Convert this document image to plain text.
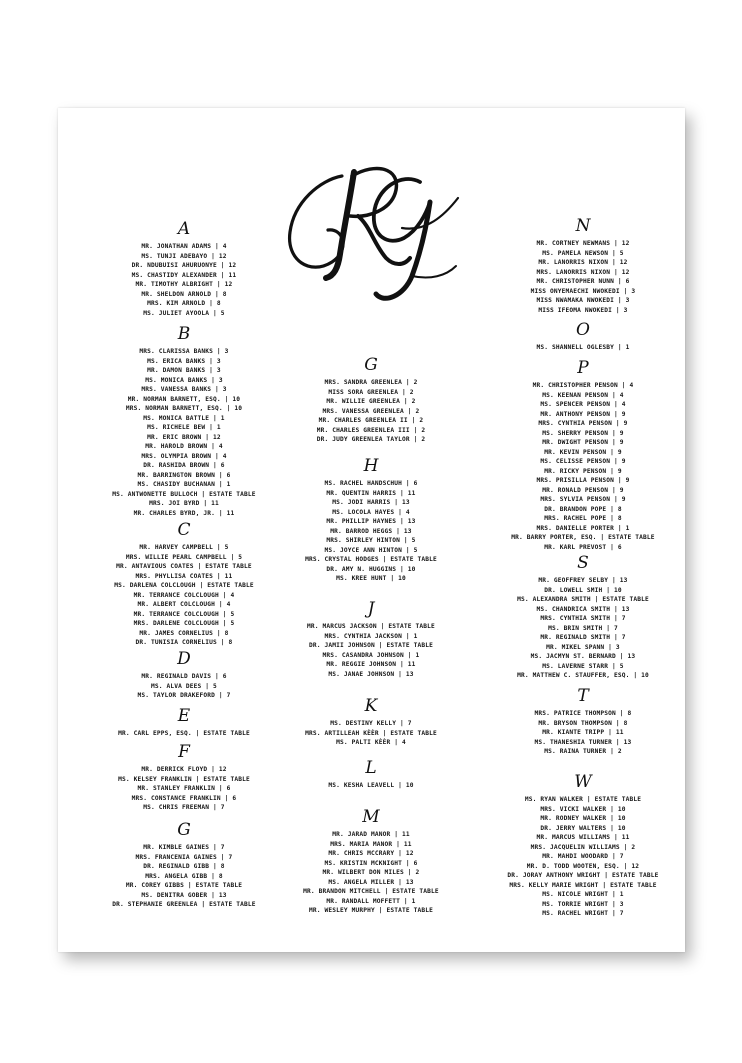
A
MR. JONATHAN ADAMS | 4
MS. TUNJI ADEBAYO | 12
DR. NDUBUISI AHURUONYE | 12
MS. CHASTIDY ALEXANDER | 11
MR. TIMOTHY ALBRIGHT | 12
MR. SHELDON ARNOLD | 8
MRS. KIM ARNOLD | 8
MS. JULIET AYOOLA | 5
B
MRS. CLARISSA BANKS | 3
MS. ERICA BANKS | 3
MR. DAMON BANKS | 3
MS. MONICA BANKS | 3
MRS. VANESSA BANKS | 3
MR. NORMAN BARNETT, ESQ. | 10
MRS. NORMAN BARNETT, ESQ. | 10
MS. MONICA BATTLE | 1
MS. RICHELE BEW | 1
MR. ERIC BROWN | 12
MR. HAROLD BROWN | 4
MRS. OLYMPIA BROWN | 4
DR. RASHIDA BROWN | 6
MR. BARRINGTON BROWN | 6
MS. CHASIDY BUCHANAN | 1
MS. ANTWONETTE BULLOCH | ESTATE TABLE
MRS. JOI BYRD | 11
MR. CHARLES BYRD, JR. | 11
C
MR. HARVEY CAMPBELL | 5
MRS. WILLIE PEARL CAMPBELL | 5
MR. ANTAVIOUS COATES | ESTATE TABLE
MRS. PHYLLISA COATES | 11
MS. DARLENA COLCLOUGH | ESTATE TABLE
MR. TERRANCE COLCLOUGH | 4
MR. ALBERT COLCLOUGH | 4
MR. TERRANCE COLCLOUGH | 5
MRS. DARLENE COLCLOUGH | 5
MR. JAMES CORNELIUS | 8
DR. TUNISIA CORNELIUS | 8
D
MR. REGINALD DAVIS | 6
MS. ALVA DEES | 5
MS. TAYLOR DRAKEFORD | 7
E
MR. CARL EPPS, ESQ. | ESTATE TABLE
F
MR. DERRICK FLOYD | 12
MS. KELSEY FRANKLIN | ESTATE TABLE
MR. STANLEY FRANKLIN | 6
MRS. CONSTANCE FRANKLIN | 6
MS. CHRIS FREEMAN | 7
G
MR. KIMBLE GAINES | 7
MRS. FRANCENIA GAINES | 7
DR. REGINALD GIBB | 8
MRS. ANGELA GIBB | 8
MR. COREY GIBBS | ESTATE TABLE
MS. DENITRA GOBER | 13
DR. STEPHANIE GREENLEA | ESTATE TABLE
G
MRS. SANDRA GREENLEA | 2
MISS SORA GREENLEA | 2
MR. WILLIE GREENLEA | 2
MRS. VANESSA GREENLEA | 2
MR. CHARLES GREENLEA II | 2
MR. CHARLES GREENLEA III | 2
DR. JUDY GREENLEA TAYLOR | 2
H
MS. RACHEL HANDSCHUH | 6
MR. QUENTIN HARRIS | 11
MS. JODI HARRIS | 13
MS. LOCOLA HAYES | 4
MR. PHILLIP HAYNES | 13
MR. BARROD HEGGS | 13
MRS. SHIRLEY HINTON | 5
MS. JOYCE ANN HINTON | 5
MRS. CRYSTAL HODGES | ESTATE TABLE
DR. AMY N. HUGGINS | 10
MS. KREE HUNT | 10
J
MR. MARCUS JACKSON | ESTATE TABLE
MRS. CYNTHIA JACKSON | 1
DR. JAMII JOHNSON | ESTATE TABLE
MRS. CASANDRA JOHNSON | 1
MR. REGGIE JOHNSON | 11
MS. JANAE JOHNSON | 13
K
MS. DESTINY KELLY | 7
MRS. ARTILLEAH KÈÈR | ESTATE TABLE
MS. PALTI KÈÈR | 4
L
MS. KESHA LEAVELL | 10
M
MR. JARAD MANOR | 11
MRS. MARIA MANOR | 11
MR. CHRIS MCCRARY | 12
MS. KRISTIN MCKNIGHT | 6
MR. WILBERT DON MILES | 2
MS. ANGELA MILLER | 13
MR. BRANDON MITCHELL | ESTATE TABLE
MR. RANDALL MOFFETT | 1
MR. WESLEY MURPHY | ESTATE TABLE
N
MR. CORTNEY NEWMANS | 12
MS. PAMELA NEWSON | 5
MR. LANORRIS NIXON | 12
MRS. LANORRIS NIXON | 12
MR. CHRISTOPHER NUNN | 6
MISS ONYEMAECHI NWOKEDI | 3
MISS NWAMAKA NWOKEDI | 3
MISS IFEOMA NWOKEDI | 3
O
MS. SHANNELL OGLESBY | 1
P
MR. CHRISTOPHER PENSON | 4
MS. KEENAN PENSON | 4
MS. SPENCER PENSON | 4
MR. ANTHONY PENSON | 9
MRS. CYNTHIA PENSON | 9
MS. SHERRY PENSON | 9
MR. DWIGHT PENSON | 9
MR. KEVIN PENSON | 9
MS. CELISSE PENSON | 9
MR. RICKY PENSON | 9
MRS. PRISILLA PENSON | 9
MR. RONALD PENSON | 9
MRS. SYLVIA PENSON | 9
DR. BRANDON POPE | 8
MRS. RACHEL POPE | 8
MRS. DANIELLE PORTER | 1
MR. BARRY PORTER, ESQ. | ESTATE TABLE
MR. KARL PREVOST | 6
S
MR. GEOFFREY SELBY | 13
DR. LOWELL SMIH | 10
MS. ALEXANDRA SMITH | ESTATE TABLE
MS. CHANDRICA SMITH | 13
MRS. CYNTHIA SMITH | 7
MS. BRIN SMITH | 7
MR. REGINALD SMITH | 7
MR. MIKEL SPANN | 3
MS. JACMYN ST. BERNARD | 13
MS. LAVERNE STARR | 5
MR. MATTHEW C. STAUFFER, ESQ. | 10
T
MRS. PATRICE THOMPSON | 8
MR. BRYSON THOMPSON | 8
MR. KIANTE TRIPP | 11
MS. THANESHIA TURNER | 13
MS. RAINA TURNER | 2
W
MS. RYAN WALKER | ESTATE TABLE
MRS. VICKI WALKER | 10
MR. RODNEY WALKER | 10
DR. JERRY WALTERS | 10
MR. MARCUS WILLIAMS | 11
MRS. JACQUELIN WILLIAMS | 2
MR. MAHDI WOODARD | 7
MR. D. TODD WOOTEN, ESQ. | 12
DR. JORAY ANTHONY WRIGHT | ESTATE TABLE
MRS. KELLY MARIE WRIGHT | ESTATE TABLE
MS. NICOLE WRIGHT | 1
MS. TORRIE WRIGHT | 3
MS. RACHEL WRIGHT | 7
